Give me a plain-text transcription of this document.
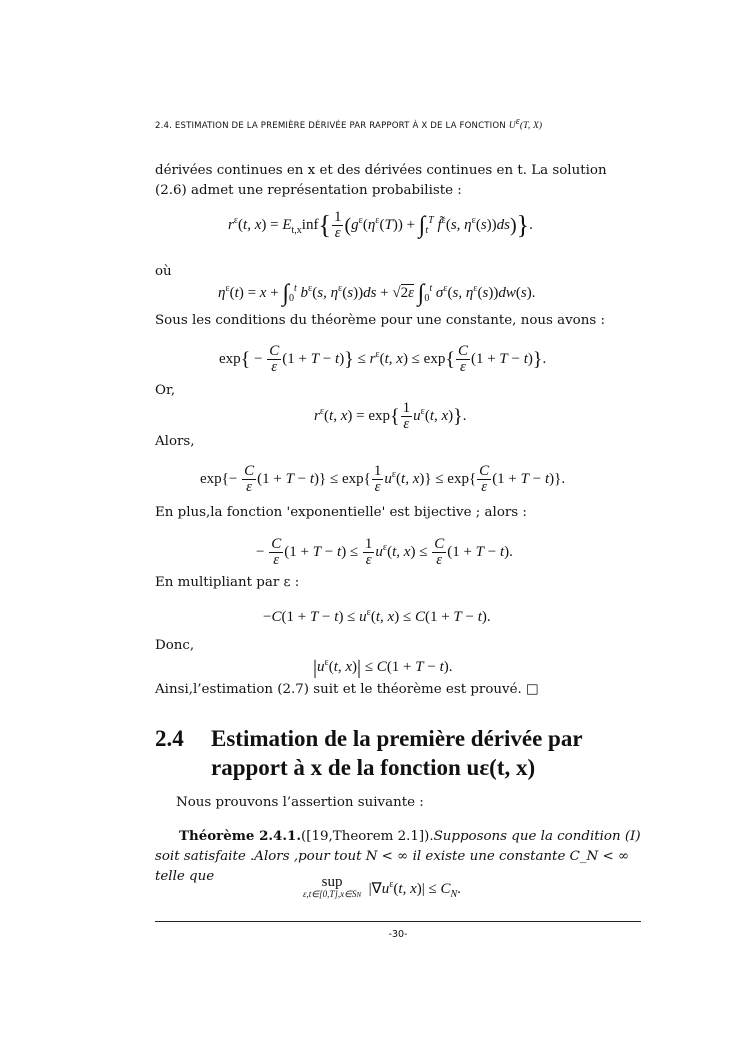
2.4. ESTIMATION DE LA PREMIÈRE DÉRIVÉE PAR RAPPORT À X DE LA FONCTION Uε(T, X)
dérivées continues en x et des dérivées continues en t. La solution (2.6) admet une représentation probabiliste :
$r^\varepsilon(t$, $x) = E_{t,x}inf\{ \frac{1}{\varepsilon} (g^\varepsilon(\eta^\varepsilon(T)) + \int_t^T$ f̃$^\varepsilon$(s, $\eta^\varepsilon(s))ds$)}.
où
$\eta^\varepsilon(t) = x + \int_0^t$ $b^\varepsilon(s$, $\eta^\varepsilon(s))ds + √2\varepsilon$ $\int_0^t$ $\sigma^\varepsilon(s$, $\eta^\varepsilon(s))dw(s)$.
Sous les conditions du théorème pour une constante, nous avons :
$\exp\{ - \frac{C}{\varepsilon} (1 + T - t)\} \le r^\varepsilon(t$, $x) \le \exp\{ \frac{C}{\varepsilon} (1 + T - t)\}$.
Or,
$r^\varepsilon(t$, $x) = \exp\{ \frac{1}{\varepsilon} u^\varepsilon(t$, x)}.
Alors,
$\exp\{- \frac{C}{\varepsilon} (1 + T - t)\} \le \exp\{ \frac{1}{\varepsilon} u^\varepsilon(t$, $x)\} \le \exp\{ \frac{C}{\varepsilon} (1 + T - t)\}$.
En plus,la fonction 'exponentielle' est bijective ; alors :
− $\frac{C}{\varepsilon} (1 + T - t) \le \frac{1}{\varepsilon} u^\varepsilon(t$, $x) \le \frac{C}{\varepsilon} (1 + T - t)$.
En multipliant par ε :
$-C(1 + T - t) \le u^\varepsilon(t$, x) ≤ C(1 + T − t).
Donc,
$|u^\varepsilon(t$, x)| ≤ C(1 + T − t).
Ainsi,l’estimation (2.7) suit et le théorème est prouvé. □
2.4 Estimation de la première dérivée par rapport à x de la fonction uε(t, x)
Nous prouvons l’assertion suivante :
Théorème 2.4.1.([19,Theorem 2.1]).Supposons que la condition (I) soit satisfaite .Alors ,pour tout N < ∞ il existe une constante C_N < ∞ telle que	sup
ε,t∈[0,T],x∈SN $|\nabla u^\varepsilon(t$, $x)| \le C_N$.
-30-
